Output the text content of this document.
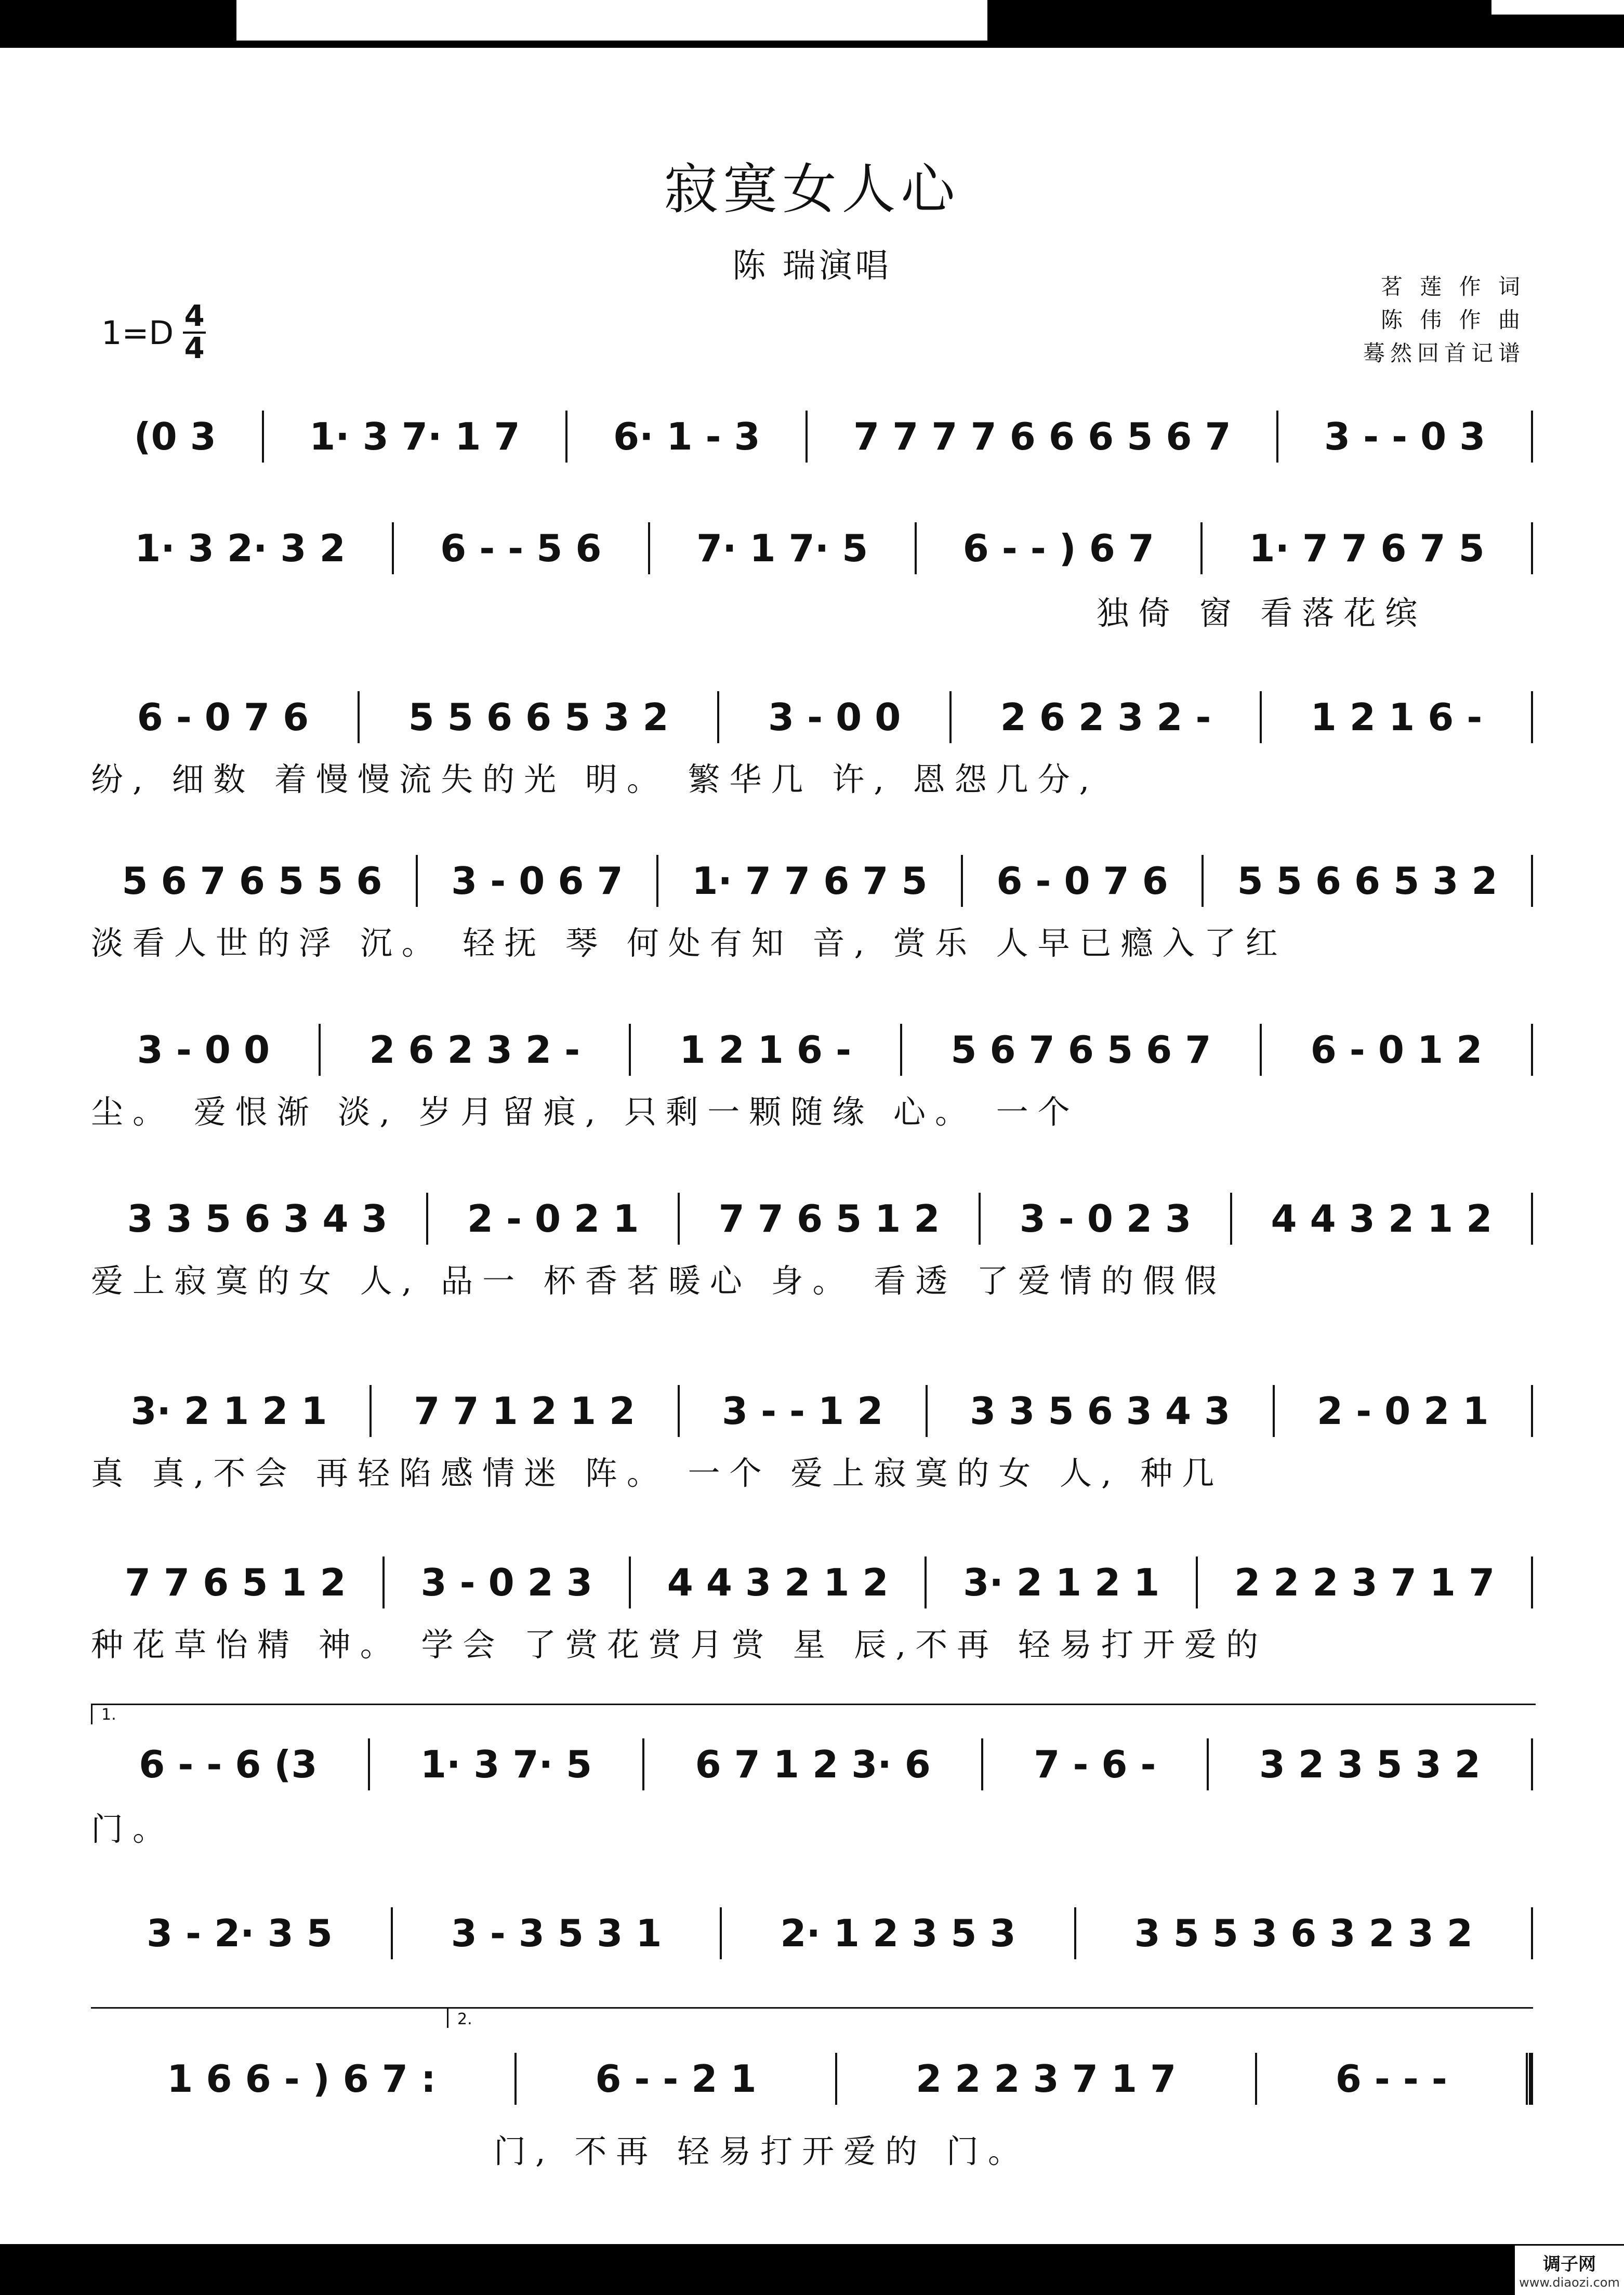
寂寞女人心
陈 瑞演唱
茗 莲 作 词
陈 伟 作 曲
蓦然回首记谱
1=D 4
4
(0 3	1· 3 7· 1 7	6· 1 - 3	7 7 7 7 6 6 6 5 6 7	3 - - 0 3
1· 3 2· 3 2	6 - - 5 6	7· 1 7· 5	6 - - ) 6 7	1· 7 7 6 7 5
独倚 窗 看落花缤
6 - 0 7 6	5 5 6 6 5 3 2	3 - 0 0	2 6 2 3 2 -	1 2 1 6 -
纷, 细数 着慢慢流失的光 明。 繁华几 许, 恩怨几分,
5 6 7 6 5 5 6	3 - 0 6 7	1· 7 7 6 7 5	6 - 0 7 6	5 5 6 6 5 3 2
淡看人世的浮 沉。 轻抚 琴 何处有知 音, 赏乐 人早已瘾入了红
3 - 0 0	2 6 2 3 2 -	1 2 1 6 -	5 6 7 6 5 6 7	6 - 0 1 2
尘。 爱恨渐 淡, 岁月留痕, 只剩一颗随缘 心。 一个
3 3 5 6 3 4 3	2 - 0 2 1	7 7 6 5 1 2	3 - 0 2 3	4 4 3 2 1 2
爱上寂寞的女 人, 品一 杯香茗暖心 身。 看透 了爱情的假假
3· 2 1 2 1	7 7 1 2 1 2	3 - - 1 2	3 3 5 6 3 4 3	2 - 0 2 1
真 真,不会 再轻陷感情迷 阵。 一个 爱上寂寞的女 人, 种几
7 7 6 5 1 2	3 - 0 2 3	4 4 3 2 1 2	3· 2 1 2 1	2 2 2 3 7 1 7
种花草怡精 神。 学会 了赏花赏月赏 星 辰,不再 轻易打开爱的
6 - - 6 (3	1· 3 7· 5	6 7 1 2 3· 6	7 - 6 -	3 2 3 5 3 2
门。
3 - 2· 3 5	3 - 3 5 3 1	2· 1 2 3 5 3	3 5 5 3 6 3 2 3 2
1 6 6 - ) 6 7 :	6 - - 2 1	2 2 2 3 7 1 7	6 - - -
门, 不再 轻易打开爱的 门。
1.
2.
调子网
www.diaozi.com
